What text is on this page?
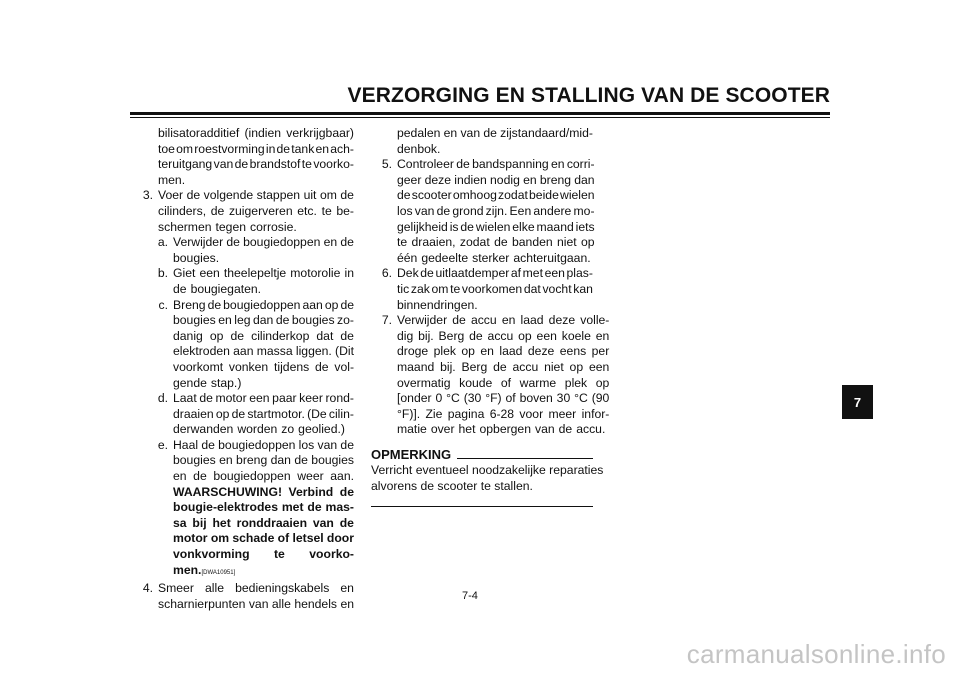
VERZORGING EN STALLING VAN DE SCOOTER
bilisatoradditief (indien verkrijgbaar)
toe om roestvorming in de tank en ach-
teruitgang van de brandstof te voorko-
men.
3. Voer de volgende stappen uit om de
cilinders, de zuigerveren etc. te be-
schermen tegen corrosie.
a. Verwijder de bougiedoppen en de
bougies.
b. Giet een theelepeltje motorolie in
de bougiegaten.
c. Breng de bougiedoppen aan op de
bougies en leg dan de bougies zo-
danig op de cilinderkop dat de
elektroden aan massa liggen. (Dit
voorkomt vonken tijdens de vol-
gende stap.)
d. Laat de motor een paar keer rond-
draaien op de startmotor. (De cilin-
derwanden worden zo geolied.)
e. Haal de bougiedoppen los van de
bougies en breng dan de bougies
en de bougiedoppen weer aan.
WAARSCHUWING! Verbind de
bougie-elektrodes met de mas-
sa bij het ronddraaien van de
motor om schade of letsel door
vonkvorming te voorko-
men.[DWA10951]
4. Smeer alle bedieningskabels en
scharnierpunten van alle hendels en
pedalen en van de zijstandaard/mid-
denbok.
5. Controleer de bandspanning en corri-
geer deze indien nodig en breng dan
de scooter omhoog zodat beide wielen
los van de grond zijn. Een andere mo-
gelijkheid is de wielen elke maand iets
te draaien, zodat de banden niet op
één gedeelte sterker achteruitgaan.
6. Dek de uitlaatdemper af met een plas-
tic zak om te voorkomen dat vocht kan
binnendringen.
7. Verwijder de accu en laad deze volle-
dig bij. Berg de accu op een koele en
droge plek op en laad deze eens per
maand bij. Berg de accu niet op een
overmatig koude of warme plek op
[onder 0 °C (30 °F) of boven 30 °C (90
°F)]. Zie pagina 6-28 voor meer infor-
matie over het opbergen van de accu.
OPMERKING
Verricht eventueel noodzakelijke reparaties
alvorens de scooter te stallen.
7-4
7
carmanualsonline.info
